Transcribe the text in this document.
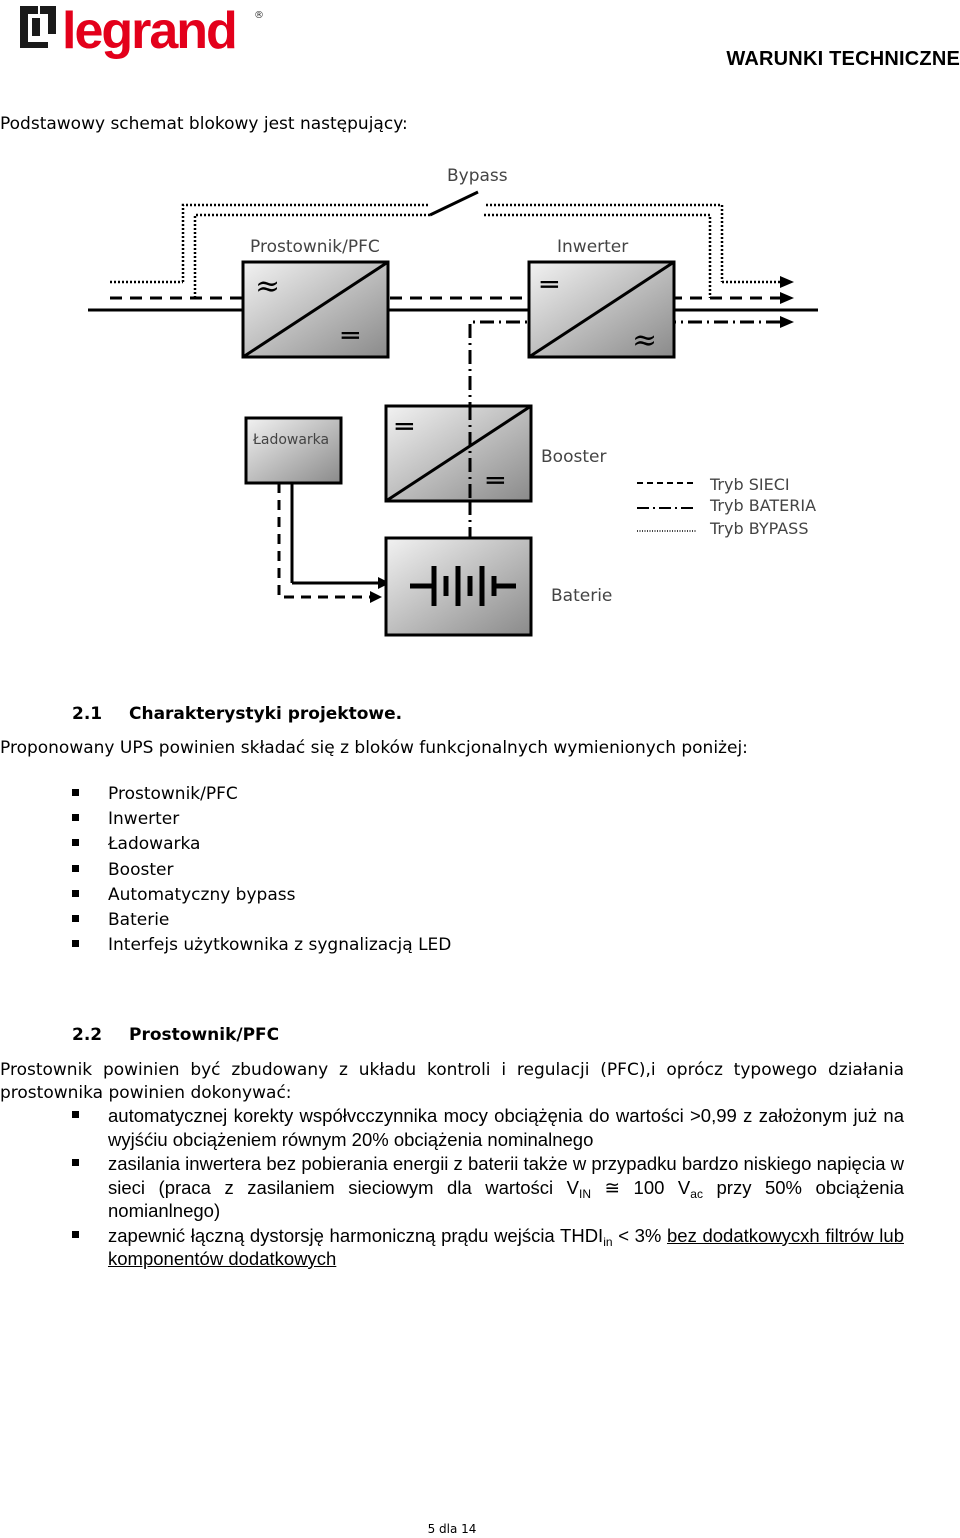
legrand ®
WARUNKI TECHNICZNE
Podstawowy schemat blokowy jest następujący:
Bypass
Prostownik/PFC
≈
═
Inwerter
═
≈
Ładowarka ═
═
Booster
Baterie
Tryb SIECI
Tryb BATERIA
Tryb BYPASS
2.1 Charakterystyki projektowe.
Proponowany UPS powinien składać się z bloków funkcjonalnych wymienionych poniżej:
Prostownik/PFC
Inwerter
Ładowarka
Booster
Automatyczny bypass
Baterie
Interfejs użytkownika z sygnalizacją LED
2.2 Prostownik/PFC
Prostownik powinien być zbudowany z układu kontroli i regulacji (PFC),i oprócz typowego działania prostownika powinien dokonywać:
automatycznej korekty współvcczynnika mocy obciążęnia do wartości >0,99 z założonym już na wyjśćiu obciążeniem równym 20% obciążenia nominalnego
zasilania inwertera bez pobierania energii z baterii także w przypadku bardzo niskiego napięcia w sieci (praca z zasilaniem sieciowym dla wartości $V_{IN}$ ≅ 100 $V_{ac}$ przy 50% obciążenia nomianlnego)
zapewnić łączną dystorsję harmoniczną prądu wejścia $THDI_{in} < 3\%$ bez dodatkowycxh filtrów lub komponentów dodatkowych
5 dla 14
